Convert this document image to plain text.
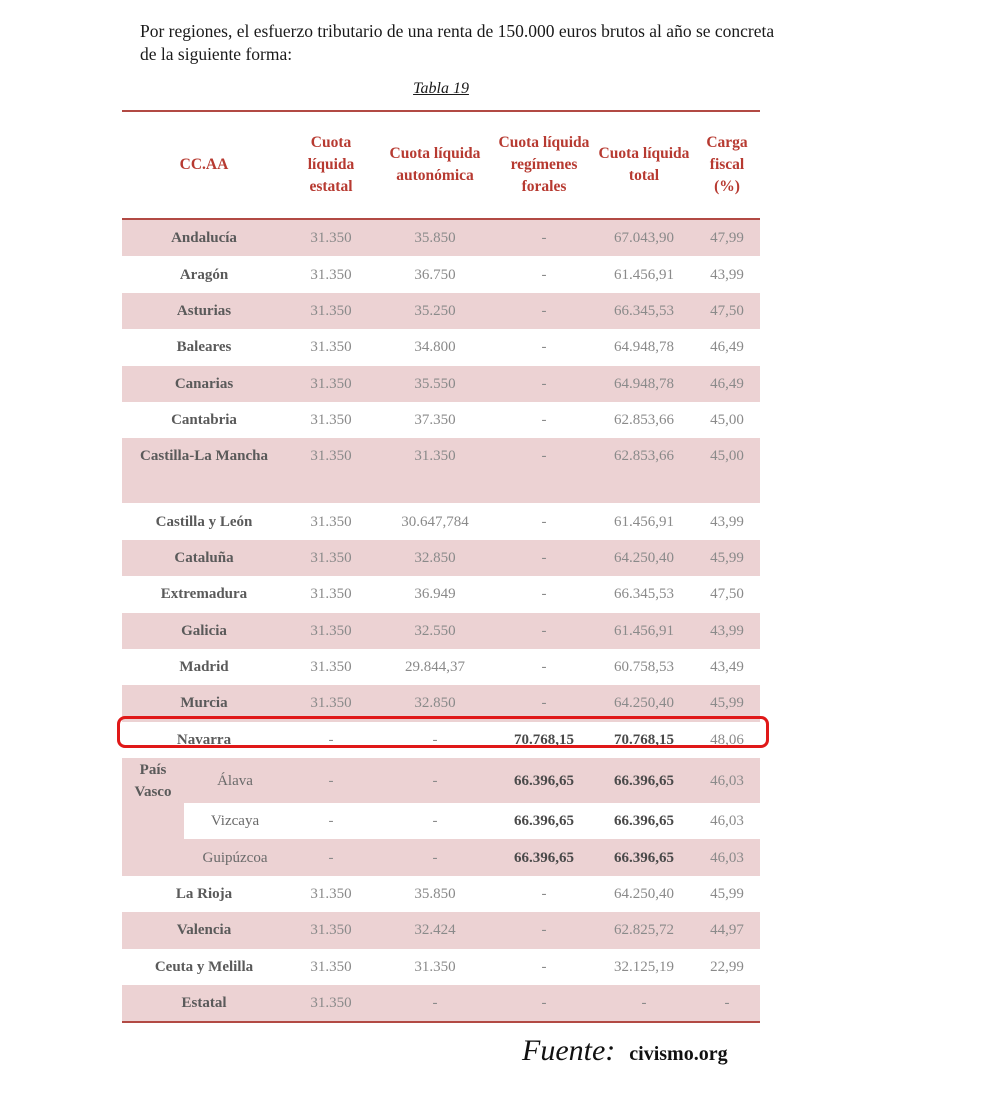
Por regiones, el esfuerzo tributario de una renta de 150.000 euros brutos al año se concreta de la siguiente forma:

Tabla 19
CC.AA	Cuota líquida estatal	Cuota líquida autonómica	Cuota líquida regímenes forales	Cuota líquida total	Carga fiscal (%)
Andalucía	31.350	35.850	-	67.043,90	47,99
Aragón	31.350	36.750	-	61.456,91	43,99
Asturias	31.350	35.250	-	66.345,53	47,50
Baleares	31.350	34.800	-	64.948,78	46,49
Canarias	31.350	35.550	-	64.948,78	46,49
Cantabria	31.350	37.350	-	62.853,66	45,00
Castilla-La Mancha	31.350	31.350	-	62.853,66	45,00
Castilla y León	31.350	30.647,784	-	61.456,91	43,99
Cataluña	31.350	32.850	-	64.250,40	45,99
Extremadura	31.350	36.949	-	66.345,53	47,50
Galicia	31.350	32.550	-	61.456,91	43,99
Madrid	31.350	29.844,37	-	60.758,53	43,49
Murcia	31.350	32.850	-	64.250,40	45,99
Navarra	-	-	70.768,15	70.768,15	48,06

País Vasco
Álava	-	-	66.396,65	66.396,65	46,03

Vizcaya	-	-	66.396,65	66.396,65	46,03

Guipúzcoa	-	-	66.396,65	66.396,65	46,03
La Rioja	31.350	35.850	-	64.250,40	45,99
Valencia	31.350	32.424	-	62.825,72	44,97
Ceuta y Melilla	31.350	31.350	-	32.125,19	22,99
Estatal	31.350	-	-	-	-
Fuente: civismo.org
